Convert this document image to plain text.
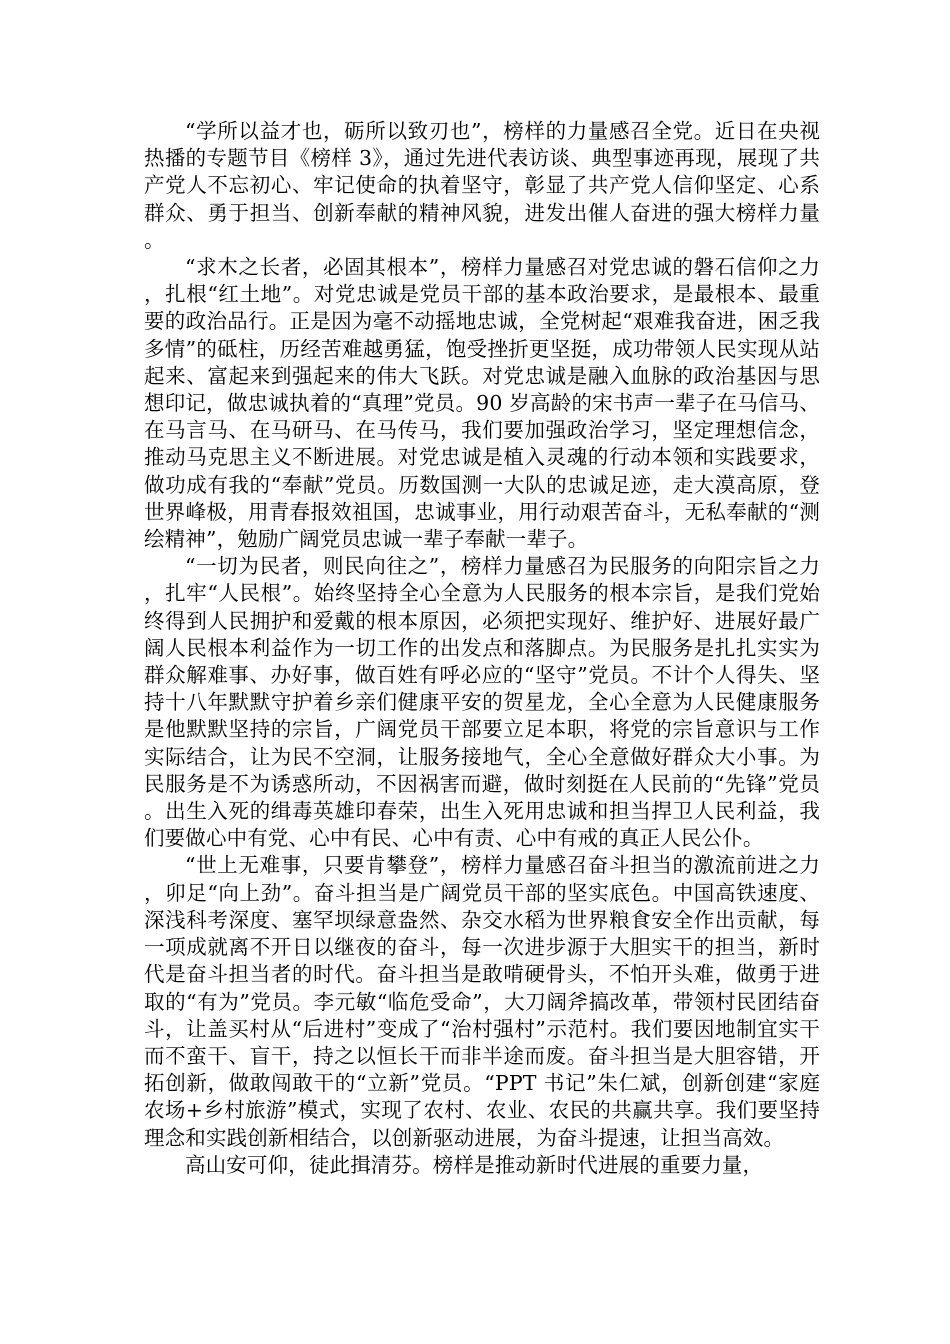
“学所以益才也，砺所以致刃也”，榜样的力量感召全党。近日在央视热播的专题节目《榜样 3》，通过先进代表访谈、典型事迹再现，展现了共产党人不忘初心、牢记使命的执着坚守，彰显了共产党人信仰坚定、心系群众、勇于担当、创新奉献的精神风貌，进发出催人奋进的强大榜样力量。

“求木之长者，必固其根本”，榜样力量感召对党忠诚的磐石信仰之力，扎根“红土地”。对党忠诚是党员干部的基本政治要求，是最根本、最重要的政治品行。正是因为毫不动摇地忠诚，全党树起“艰难我奋进，困乏我多情”的砥柱，历经苦难越勇猛，饱受挫折更坚挺，成功带领人民实现从站起来、富起来到强起来的伟大飞跃。对党忠诚是融入血脉的政治基因与思想印记，做忠诚执着的“真理”党员。90 岁高龄的宋书声一辈子在马信马、在马言马、在马研马、在马传马，我们要加强政治学习，坚定理想信念，推动马克思主义不断进展。对党忠诚是植入灵魂的行动本领和实践要求，做功成有我的“奉献”党员。历数国测一大队的忠诚足迹，走大漠高原，登世界峰极，用青春报效祖国，忠诚事业，用行动艰苦奋斗，无私奉献的“测绘精神”，勉励广阔党员忠诚一辈子奉献一辈子。

“一切为民者，则民向往之”，榜样力量感召为民服务的向阳宗旨之力，扎牢“人民根”。始终坚持全心全意为人民服务的根本宗旨，是我们党始终得到人民拥护和爱戴的根本原因，必须把实现好、维护好、进展好最广阔人民根本利益作为一切工作的出发点和落脚点。为民服务是扎扎实实为群众解难事、办好事，做百姓有呼必应的“坚守”党员。不计个人得失、坚持十八年默默守护着乡亲们健康平安的贺星龙，全心全意为人民健康服务是他默默坚持的宗旨，广阔党员干部要立足本职，将党的宗旨意识与工作实际结合，让为民不空洞，让服务接地气，全心全意做好群众大小事。为民服务是不为诱惑所动，不因祸害而避，做时刻挺在人民前的“先锋”党员。出生入死的缉毒英雄印春荣，出生入死用忠诚和担当捍卫人民利益，我们要做心中有党、心中有民、心中有责、心中有戒的真正人民公仆。

“世上无难事，只要肯攀登”，榜样力量感召奋斗担当的激流前进之力，卯足“向上劲”。奋斗担当是广阔党员干部的坚实底色。中国高铁速度、深浅科考深度、塞罕坝绿意盎然、杂交水稻为世界粮食安全作出贡献，每一项成就离不开日以继夜的奋斗，每一次进步源于大胆实干的担当，新时代是奋斗担当者的时代。奋斗担当是敢啃硬骨头，不怕开头难，做勇于进取的“有为”党员。李元敏“临危受命”，大刀阔斧搞改革，带领村民团结奋斗，让盖买村从“后进村”变成了“治村强村”示范村。我们要因地制宜实干而不蛮干、盲干，持之以恒长干而非半途而废。奋斗担当是大胆容错，开拓创新，做敢闯敢干的“立新”党员。“PPT 书记”朱仁斌，创新创建“家庭农场+乡村旅游”模式，实现了农村、农业、农民的共赢共享。我们要坚持理念和实践创新相结合，以创新驱动进展，为奋斗提速，让担当高效。

高山安可仰，徒此揖清芬。榜样是推动新时代进展的重要力量，
